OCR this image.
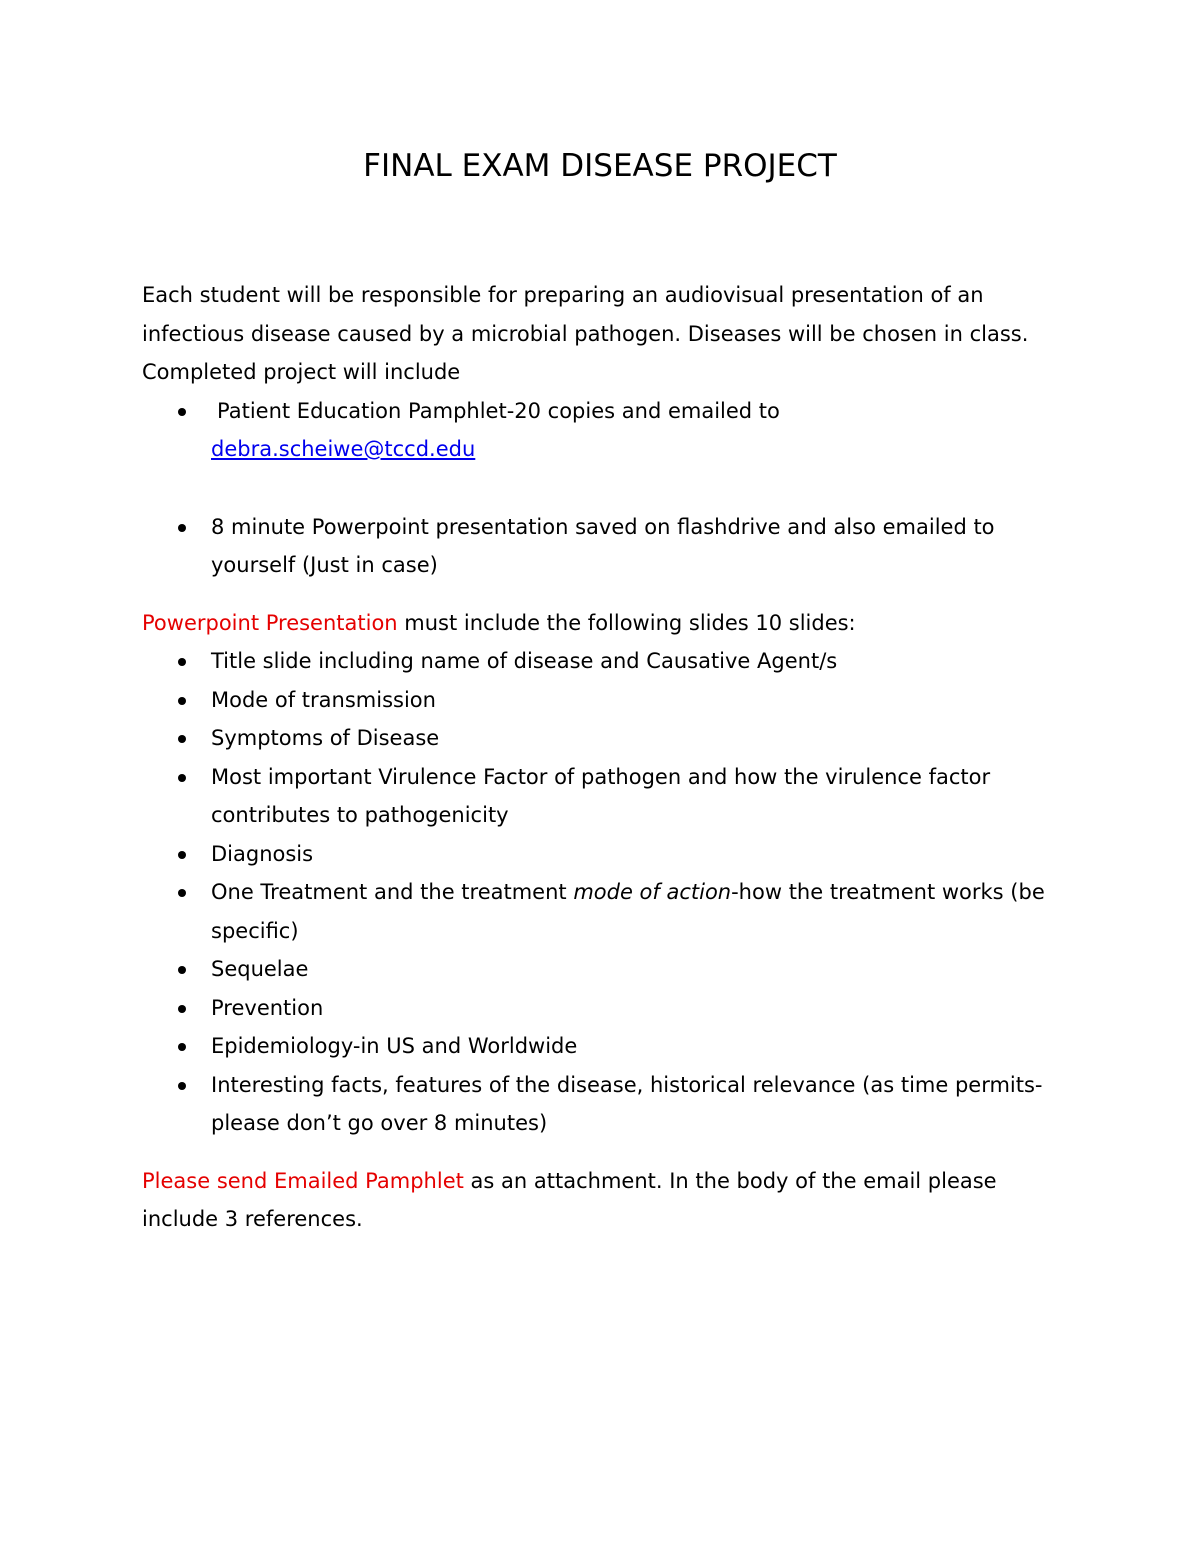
FINAL EXAM DISEASE PROJECT

Each student will be responsible for preparing an audiovisual presentation of an infectious disease caused by a microbial pathogen. Diseases will be chosen in class. Completed project will include

Patient Education Pamphlet-20 copies and emailed to
debra.scheiwe@tccd.edu
8 minute Powerpoint presentation saved on flashdrive and also emailed to yourself (Just in case)

Powerpoint Presentation must include the following slides 10 slides:

Title slide including name of disease and Causative Agent/s
Mode of transmission
Symptoms of Disease
Most important Virulence Factor of pathogen and how the virulence factor contributes to pathogenicity
Diagnosis
One Treatment and the treatment mode of action-how the treatment works (be specific)
Sequelae
Prevention
Epidemiology-in US and Worldwide
Interesting facts, features of the disease, historical relevance (as time permits-please don’t go over 8 minutes)

Please send Emailed Pamphlet as an attachment. In the body of the email please include 3 references.
